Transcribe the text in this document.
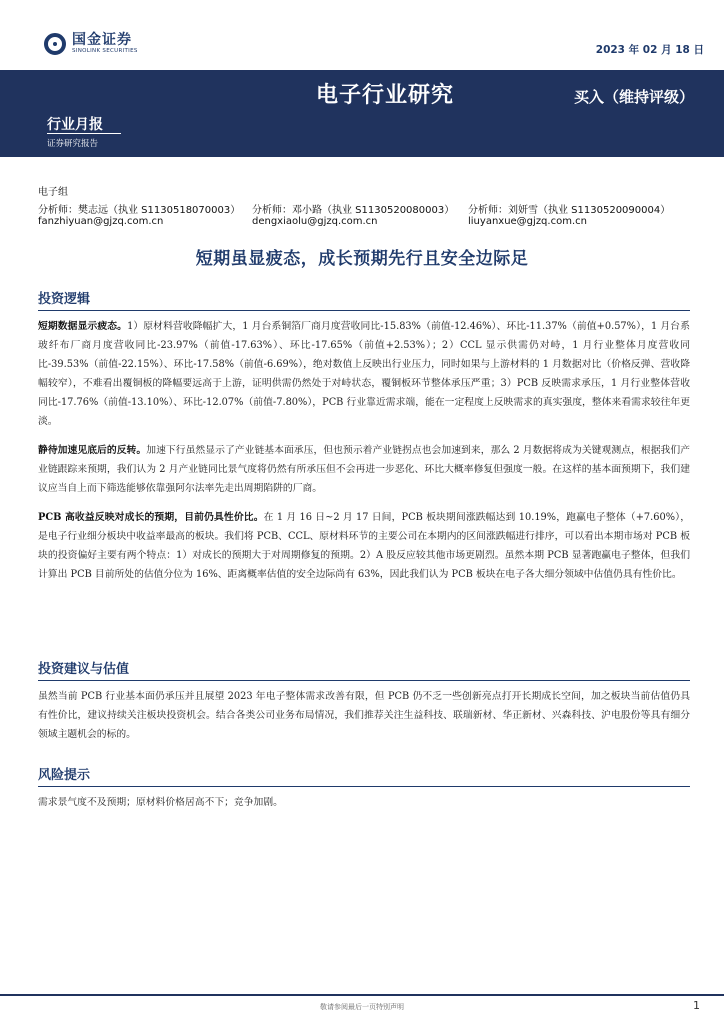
国金证券
SINOLINK SECURITIES	2023 年 02 月 18 日
电子行业研究	买入（维持评级）
行业月报
证券研究报告
电子组
分析师：樊志远（执业 S1130518070003）	分析师：邓小路（执业 S1130520080003）	分析师：刘妍雪（执业 S1130520090004）
fanzhiyuan@gjzq.com.cn	dengxiaolu@gjzq.com.cn	liuyanxue@gjzq.com.cn
短期虽显疲态，成长预期先行且安全边际足
投资逻辑

短期数据显示疲态。1）原材料营收降幅扩大，1 月台系铜箔厂商月度营收同比-15.83%（前值-12.46%）、环比-11.37%（前值+0.57%），1 月台系玻纤布厂商月度营收同比-23.97%（前值-17.63%）、环比-17.65%（前值+2.53%）；2）CCL 显示供需仍对峙，1 月行业整体月度营收同比-39.53%（前值-22.15%）、环比-17.58%（前值-6.69%），绝对数值上反映出行业压力，同时如果与上游材料的 1 月数据对比（价格反弹、营收降幅较窄），不难看出覆铜板的降幅要远高于上游，证明供需仍然处于对峙状态，覆铜板环节整体承压严重；3）PCB 反映需求承压，1 月行业整体营收同比-17.76%（前值-13.10%）、环比-12.07%（前值-7.80%），PCB 行业靠近需求端，能在一定程度上反映需求的真实强度，整体来看需求较往年更淡。

静待加速见底后的反转。加速下行虽然显示了产业链基本面承压，但也预示着产业链拐点也会加速到来，那么 2 月数据将成为关键观测点，根据我们产业链跟踪来预期，我们认为 2 月产业链同比景气度将仍然有所承压但不会再进一步恶化、环比大概率修复但强度一般。在这样的基本面预期下，我们建议应当自上而下筛选能够依靠强阿尔法率先走出周期陷阱的厂商。

PCB 高收益反映对成长的预期，目前仍具性价比。在 1 月 16 日~2 月 17 日间，PCB 板块期间涨跌幅达到 10.19%，跑赢电子整体（+7.60%），是电子行业细分板块中收益率最高的板块。我们将 PCB、CCL、原材料环节的主要公司在本期内的区间涨跌幅进行排序，可以看出本期市场对 PCB 板块的投资偏好主要有两个特点：1）对成长的预期大于对周期修复的预期。2）A 股反应较其他市场更剧烈。虽然本期 PCB 显著跑赢电子整体，但我们计算出 PCB 目前所处的估值分位为 16%、距离概率估值的安全边际尚有 63%，因此我们认为 PCB 板块在电子各大细分领域中估值仍具有性价比。

投资建议与估值

虽然当前 PCB 行业基本面仍承压并且展望 2023 年电子整体需求改善有限，但 PCB 仍不乏一些创新亮点打开长期成长空间，加之板块当前估值仍具有性价比，建议持续关注板块投资机会。结合各类公司业务布局情况，我们推荐关注生益科技、联瑞新材、华正新材、兴森科技、沪电股份等具有细分领域主题机会的标的。

风险提示

需求景气度不及预期；原材料价格居高不下；竞争加剧。

敬请参阅最后一页特别声明	1
